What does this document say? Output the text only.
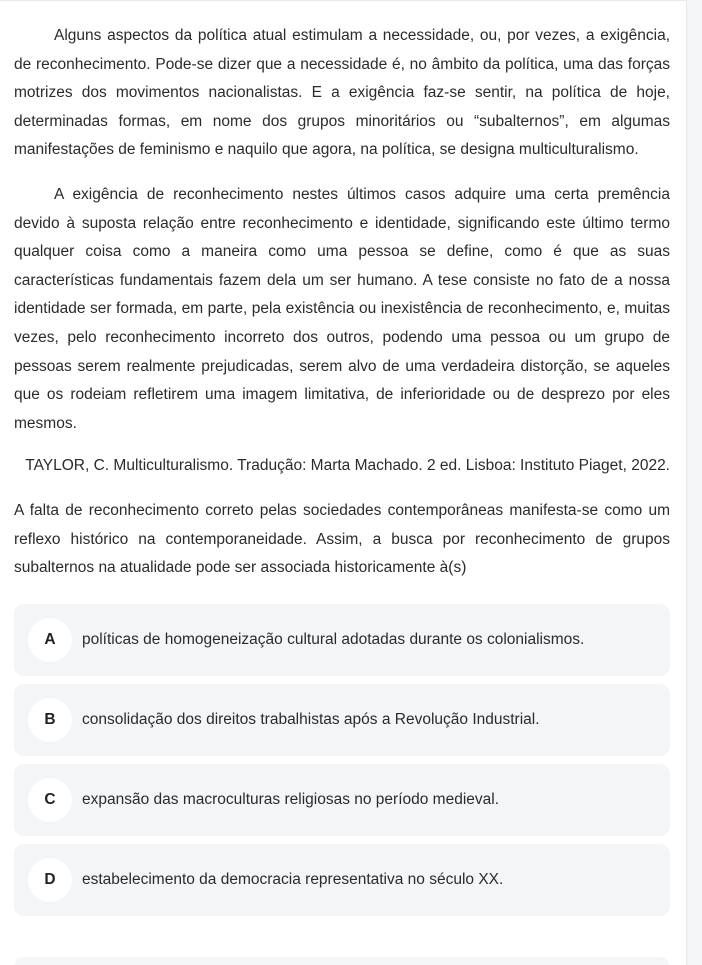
Alguns aspectos da política atual estimulam a necessidade, ou, por vezes, a exigência, de reconhecimento. Pode-se dizer que a necessidade é, no âmbito da política, uma das forças motrizes dos movimentos nacionalistas. E a exigência faz-se sentir, na política de hoje, determinadas formas, em nome dos grupos minoritários ou “subalternos”, em algumas manifestações de feminismo e naquilo que agora, na política, se designa multiculturalismo.

A exigência de reconhecimento nestes últimos casos adquire uma certa premência devido à suposta relação entre reconhecimento e identidade, significando este último termo qualquer coisa como a maneira como uma pessoa se define, como é que as suas características fundamentais fazem dela um ser humano. A tese consiste no fato de a nossa identidade ser formada, em parte, pela existência ou inexistência de reconhecimento, e, muitas vezes, pelo reconhecimento incorreto dos outros, podendo uma pessoa ou um grupo de pessoas serem realmente prejudicadas, serem alvo de uma verdadeira distorção, se aqueles que os rodeiam refletirem uma imagem limitativa, de inferioridade ou de desprezo por eles mesmos.

TAYLOR, C. Multiculturalismo. Tradução: Marta Machado. 2 ed. Lisboa: Instituto Piaget, 2022.

A falta de reconhecimento correto pelas sociedades contemporâneas manifesta-se como um reflexo histórico na contemporaneidade. Assim, a busca por reconhecimento de grupos subalternos na atualidade pode ser associada historicamente à(s)

A	políticas de homogeneização cultural adotadas durante os colonialismos.
B	consolidação dos direitos trabalhistas após a Revolução Industrial.
C	expansão das macroculturas religiosas no período medieval.
D	estabelecimento da democracia representativa no século XX.
